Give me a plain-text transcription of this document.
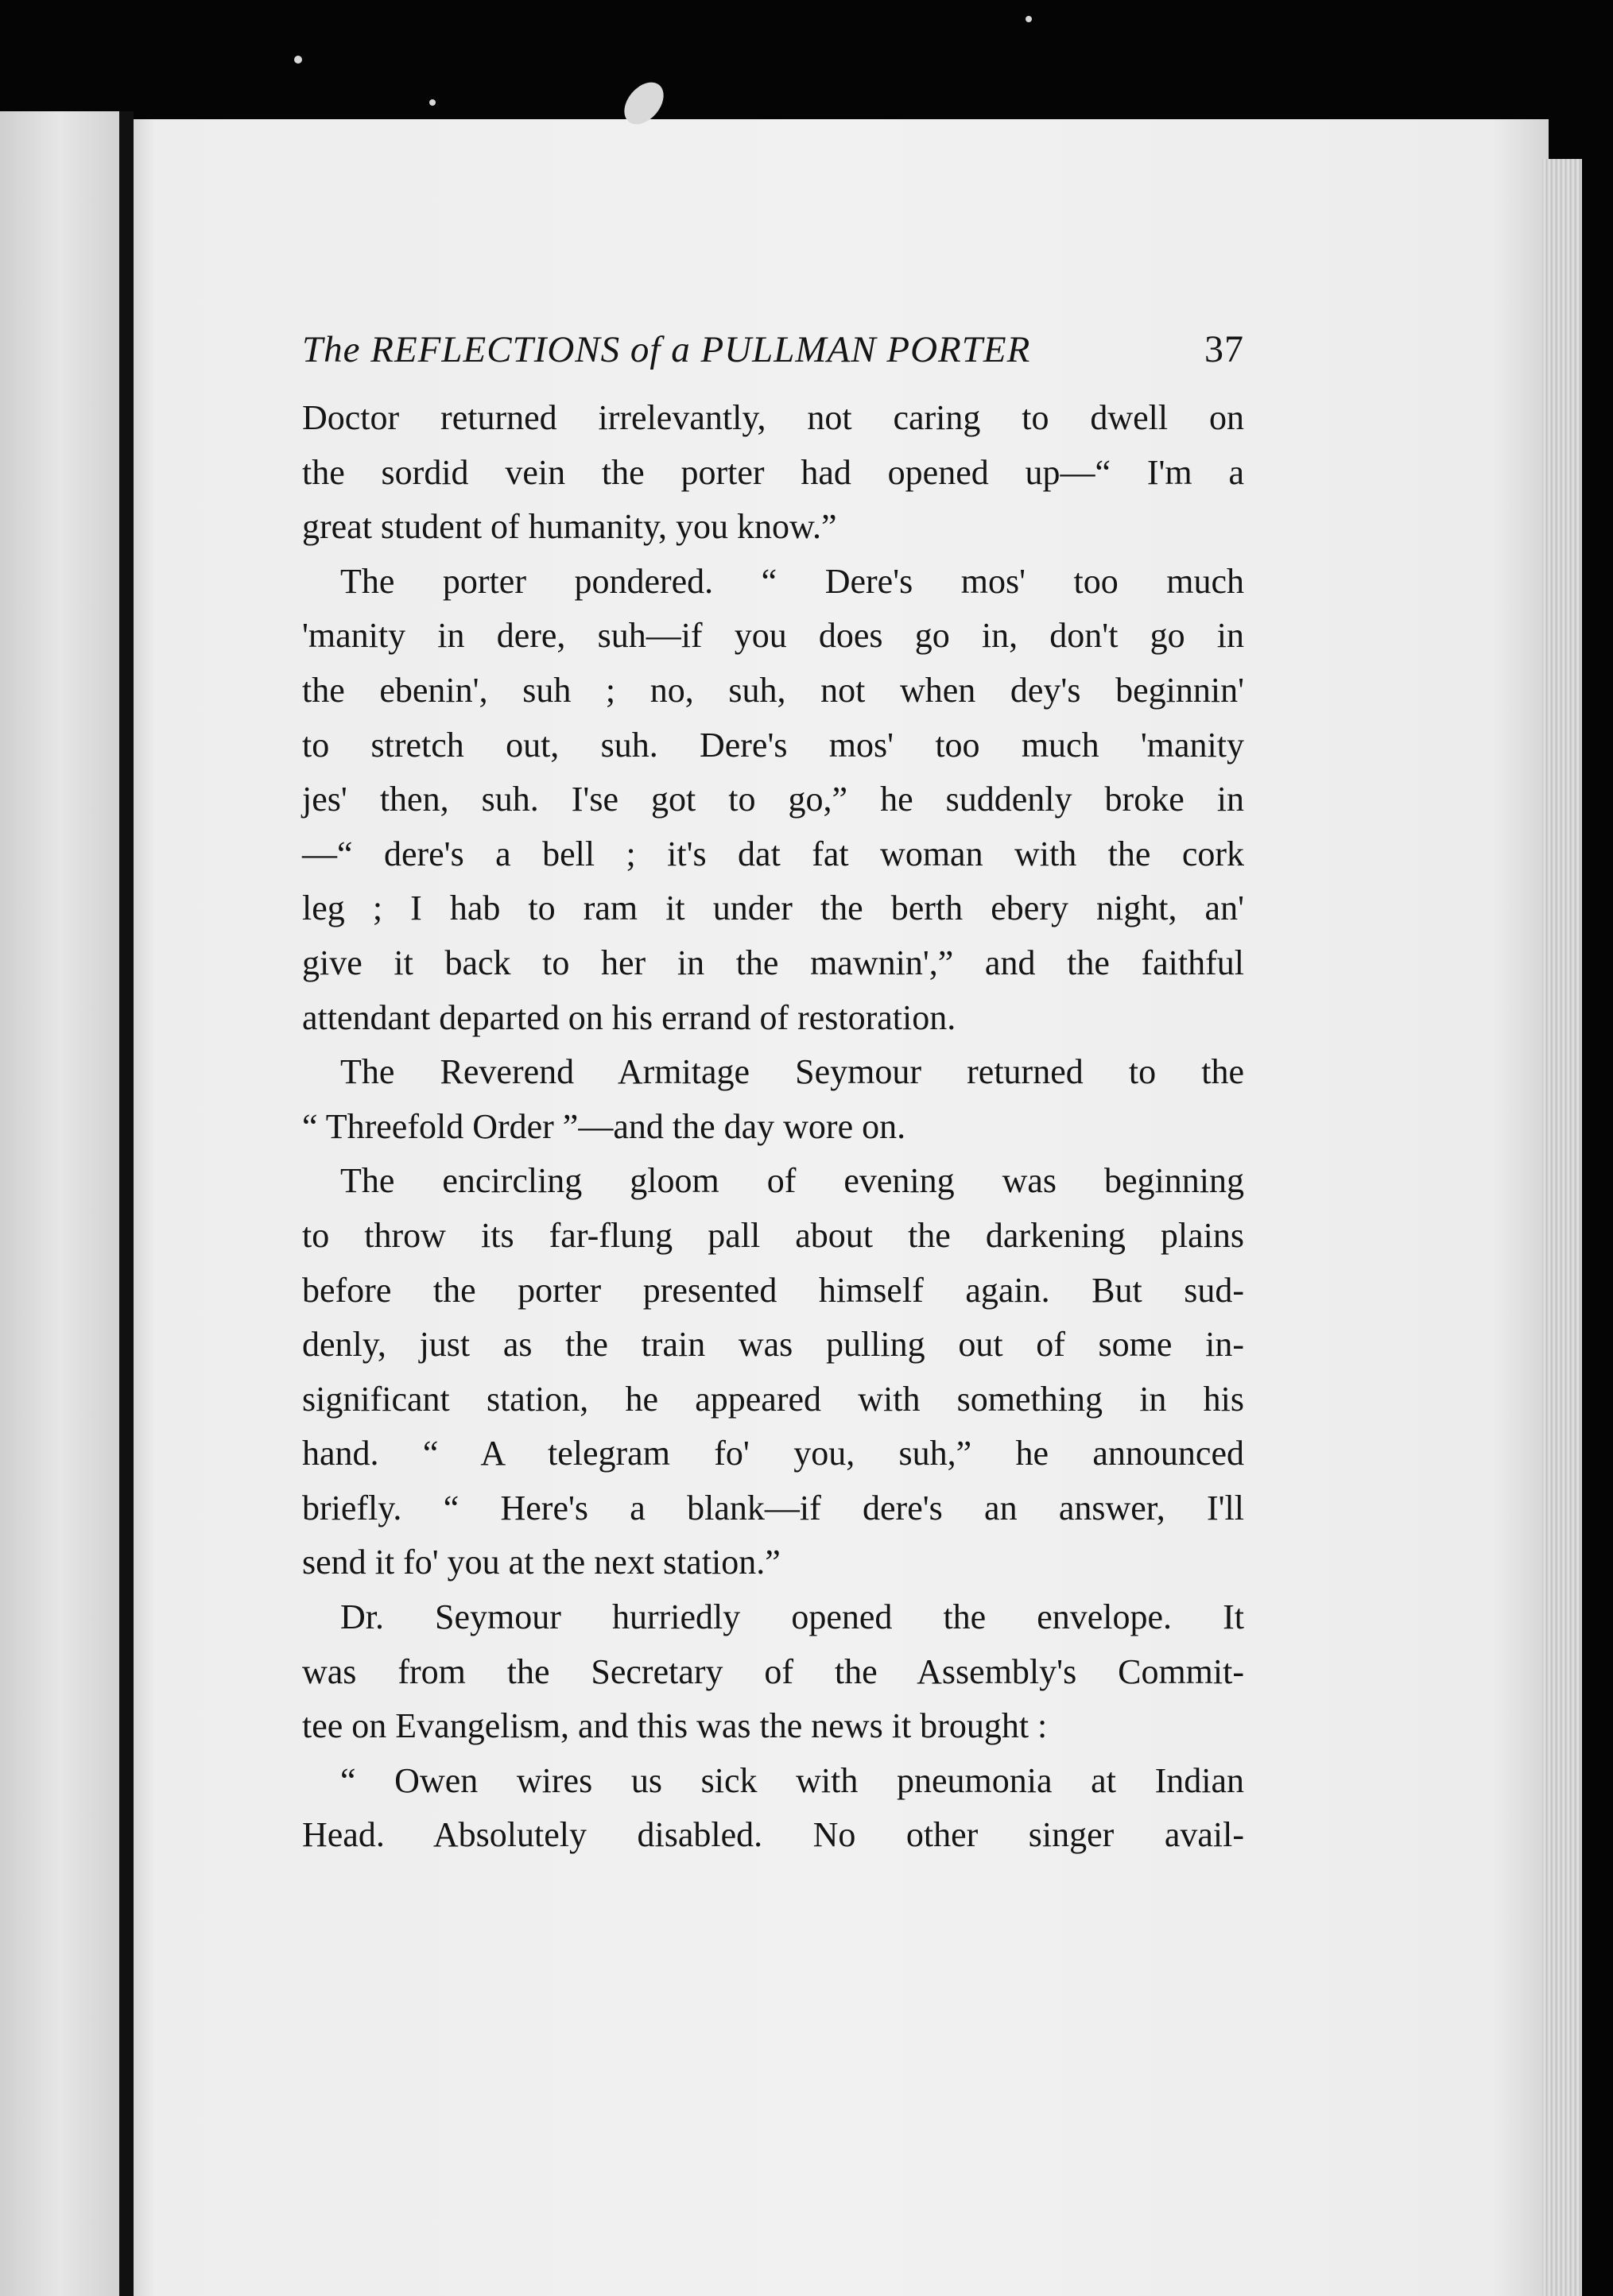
The REFLECTIONS of a PULLMAN PORTER	37
Doctor returned irrelevantly, not caring to dwell on
the sordid vein the porter had opened up—“ I'm a
great student of humanity, you know.”
The porter pondered. “ Dere's mos' too much
'manity in dere, suh—if you does go in, don't go in
the ebenin', suh ; no, suh, not when dey's beginnin'
to stretch out, suh. Dere's mos' too much 'manity
jes' then, suh. I'se got to go,” he suddenly broke in
—“ dere's a bell ; it's dat fat woman with the cork
leg ; I hab to ram it under the berth ebery night, an'
give it back to her in the mawnin',” and the faithful
attendant departed on his errand of restoration.
The Reverend Armitage Seymour returned to the
“ Threefold Order ”—and the day wore on.
The encircling gloom of evening was beginning
to throw its far-flung pall about the darkening plains
before the porter presented himself again. But sud-
denly, just as the train was pulling out of some in-
significant station, he appeared with something in his
hand. “ A telegram fo' you, suh,” he announced
briefly. “ Here's a blank—if dere's an answer, I'll
send it fo' you at the next station.”
Dr. Seymour hurriedly opened the envelope. It
was from the Secretary of the Assembly's Commit-
tee on Evangelism, and this was the news it brought :
“ Owen wires us sick with pneumonia at Indian
Head. Absolutely disabled. No other singer avail-
